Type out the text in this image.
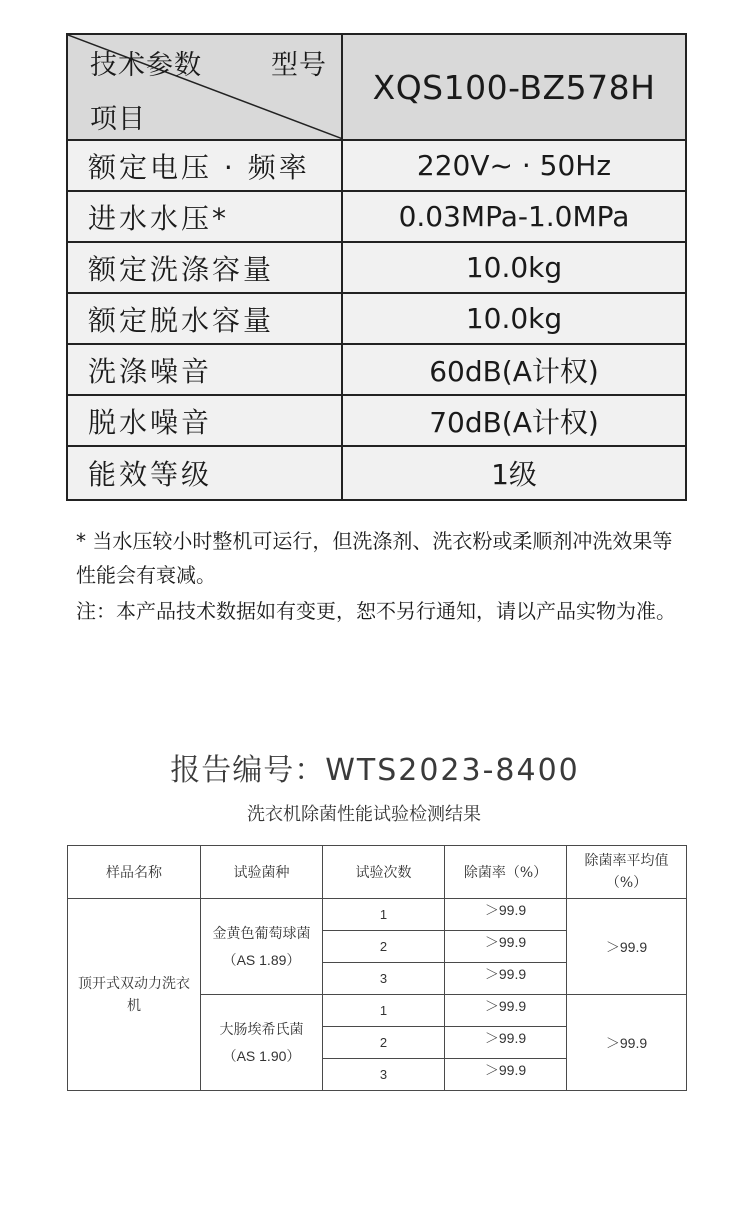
技术参数 型号
项目	XQS100-BZ578H
额定电压 · 频率	220V~ · 50Hz
进水水压*	0.03MPa-1.0MPa
额定洗涤容量	10.0kg
额定脱水容量	10.0kg
洗涤噪音	60dB(A计权)
脱水噪音	70dB(A计权)
能效等级	1级
* 当水压较小时整机可运行，但洗涤剂、洗衣粉或柔顺剂冲洗效果等性能会有衰减。
注：本产品技术数据如有变更，恕不另行通知，请以产品实物为准。
报告编号：WTS2023-8400
洗衣机除菌性能试验检测结果
样品名称	试验菌种	试验次数	除菌率（%）	除菌率平均值（%）
顶开式双动力洗衣机	金黄色葡萄球菌
（AS 1.89）	1	＞99.9	＞99.9
		2	＞99.9	
		3	＞99.9	

	大肠埃希氏菌
（AS 1.90）	1	＞99.9	＞99.9
		2	＞99.9	
		3	＞99.9	
